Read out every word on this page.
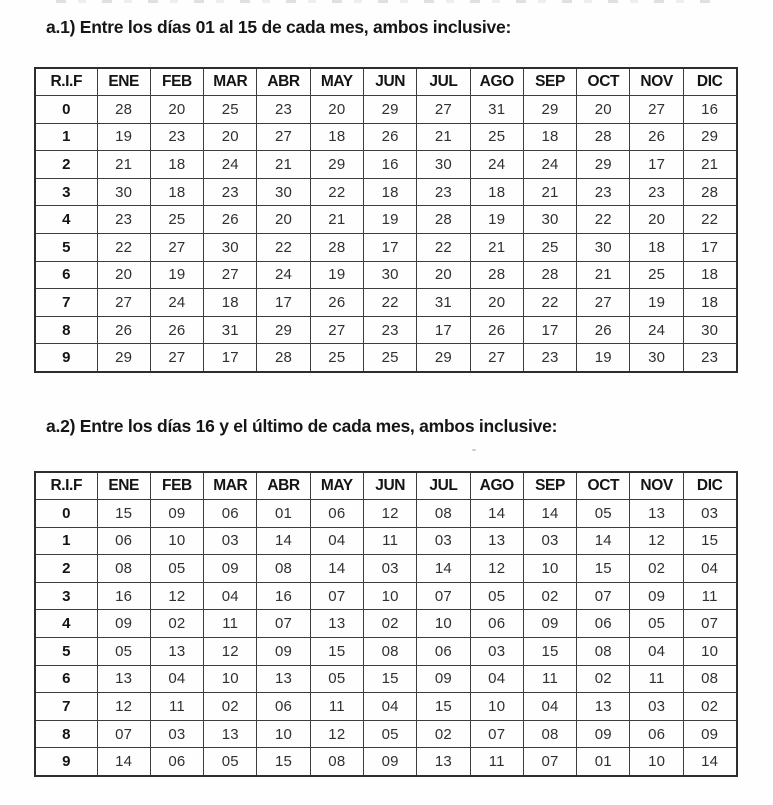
a.1) Entre los días 01 al 15 de cada mes, ambos inclusive:
R.I.F	ENE	FEB	MAR	ABR	MAY	JUN	JUL	AGO	SEP	OCT	NOV	DIC
0	28	20	25	23	20	29	27	31	29	20	27	16
1	19	23	20	27	18	26	21	25	18	28	26	29
2	21	18	24	21	29	16	30	24	24	29	17	21
3	30	18	23	30	22	18	23	18	21	23	23	28
4	23	25	26	20	21	19	28	19	30	22	20	22
5	22	27	30	22	28	17	22	21	25	30	18	17
6	20	19	27	24	19	30	20	28	28	21	25	18
7	27	24	18	17	26	22	31	20	22	27	19	18
8	26	26	31	29	27	23	17	26	17	26	24	30
9	29	27	17	28	25	25	29	27	23	19	30	23
a.2) Entre los días 16 y el último de cada mes, ambos inclusive:
R.I.F	ENE	FEB	MAR	ABR	MAY	JUN	JUL	AGO	SEP	OCT	NOV	DIC
0	15	09	06	01	06	12	08	14	14	05	13	03
1	06	10	03	14	04	11	03	13	03	14	12	15
2	08	05	09	08	14	03	14	12	10	15	02	04
3	16	12	04	16	07	10	07	05	02	07	09	11
4	09	02	11	07	13	02	10	06	09	06	05	07
5	05	13	12	09	15	08	06	03	15	08	04	10
6	13	04	10	13	05	15	09	04	11	02	11	08
7	12	11	02	06	11	04	15	10	04	13	03	02
8	07	03	13	10	12	05	02	07	08	09	06	09
9	14	06	05	15	08	09	13	11	07	01	10	14
